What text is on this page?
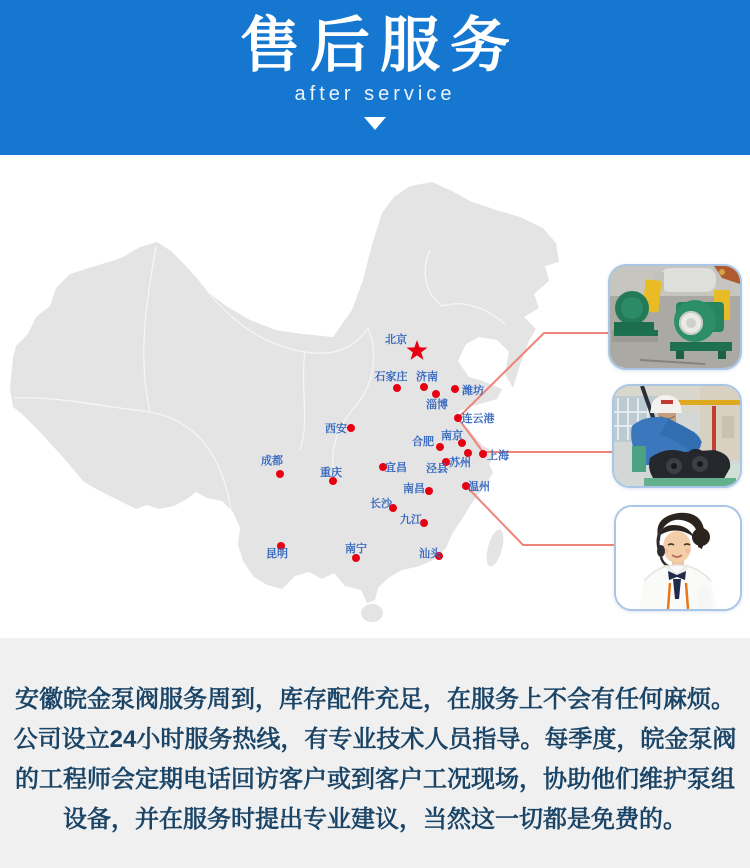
售后服务
after service
北京
石家庄 济南
潍坊
淄博
连云港
西安
成都
重庆	宜昌
合肥 南京
苏州
上海
泾县
南昌	温州
长沙
九江
昆明	南宁	汕头

安徽皖金泵阀服务周到，库存配件充足，在服务上不会有任何麻烦。
公司设立24小时服务热线，有专业技术人员指导。每季度，皖金泵阀
的工程师会定期电话回访客户或到客户工况现场，协助他们维护泵组
设备，并在服务时提出专业建议，当然这一切都是免费的。
